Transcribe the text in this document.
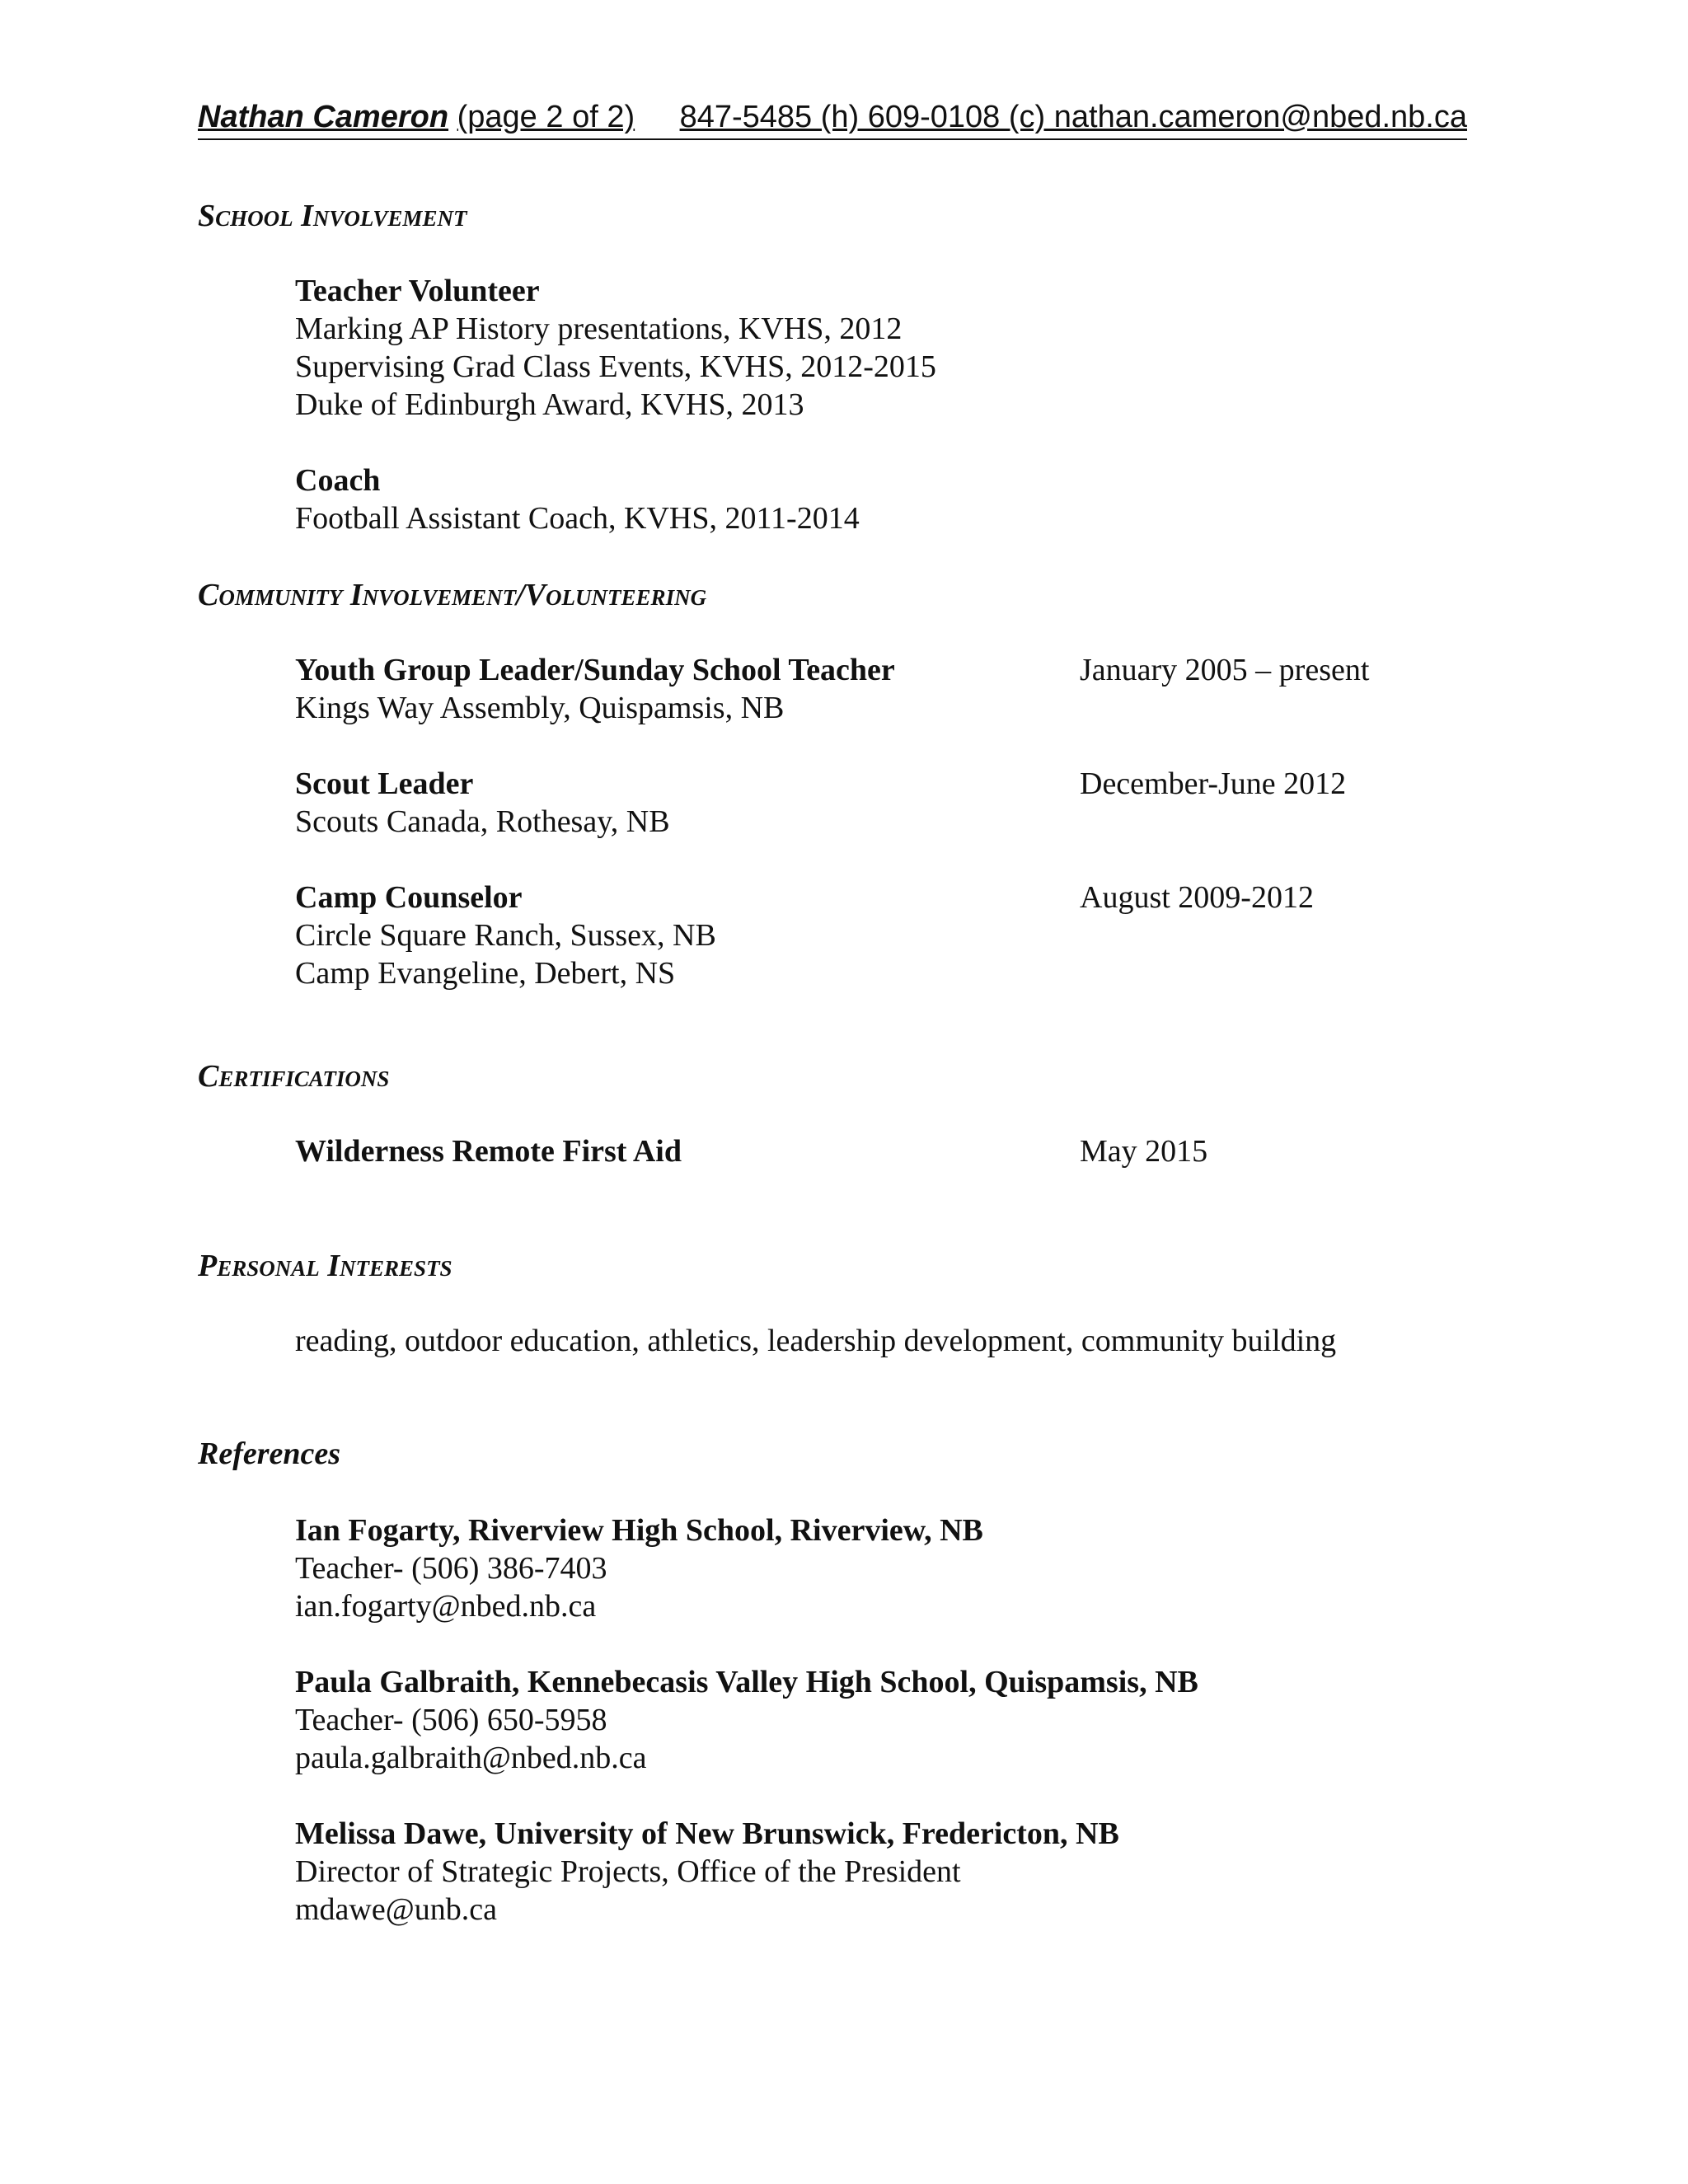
Nathan Cameron (page 2 of 2) 847-5485 (h) 609-0108 (c) nathan.cameron@nbed.nb.ca
School Involvement
Teacher Volunteer
Marking AP History presentations, KVHS, 2012
Supervising Grad Class Events, KVHS, 2012-2015
Duke of Edinburgh Award, KVHS, 2013
Coach
Football Assistant Coach, KVHS, 2011-2014
Community Involvement/Volunteering
Youth Group Leader/Sunday School Teacher	January 2005 – present
Kings Way Assembly, Quispamsis, NB
Scout Leader	December-June 2012
Scouts Canada, Rothesay, NB
Camp Counselor	August 2009-2012
Circle Square Ranch, Sussex, NB
Camp Evangeline, Debert, NS
Certifications
Wilderness Remote First Aid	May 2015
Personal Interests
reading, outdoor education, athletics, leadership development, community building
References
Ian Fogarty, Riverview High School, Riverview, NB
Teacher- (506) 386-7403
ian.fogarty@nbed.nb.ca
Paula Galbraith, Kennebecasis Valley High School, Quispamsis, NB
Teacher- (506) 650-5958
paula.galbraith@nbed.nb.ca
Melissa Dawe, University of New Brunswick, Fredericton, NB
Director of Strategic Projects, Office of the President
mdawe@unb.ca
